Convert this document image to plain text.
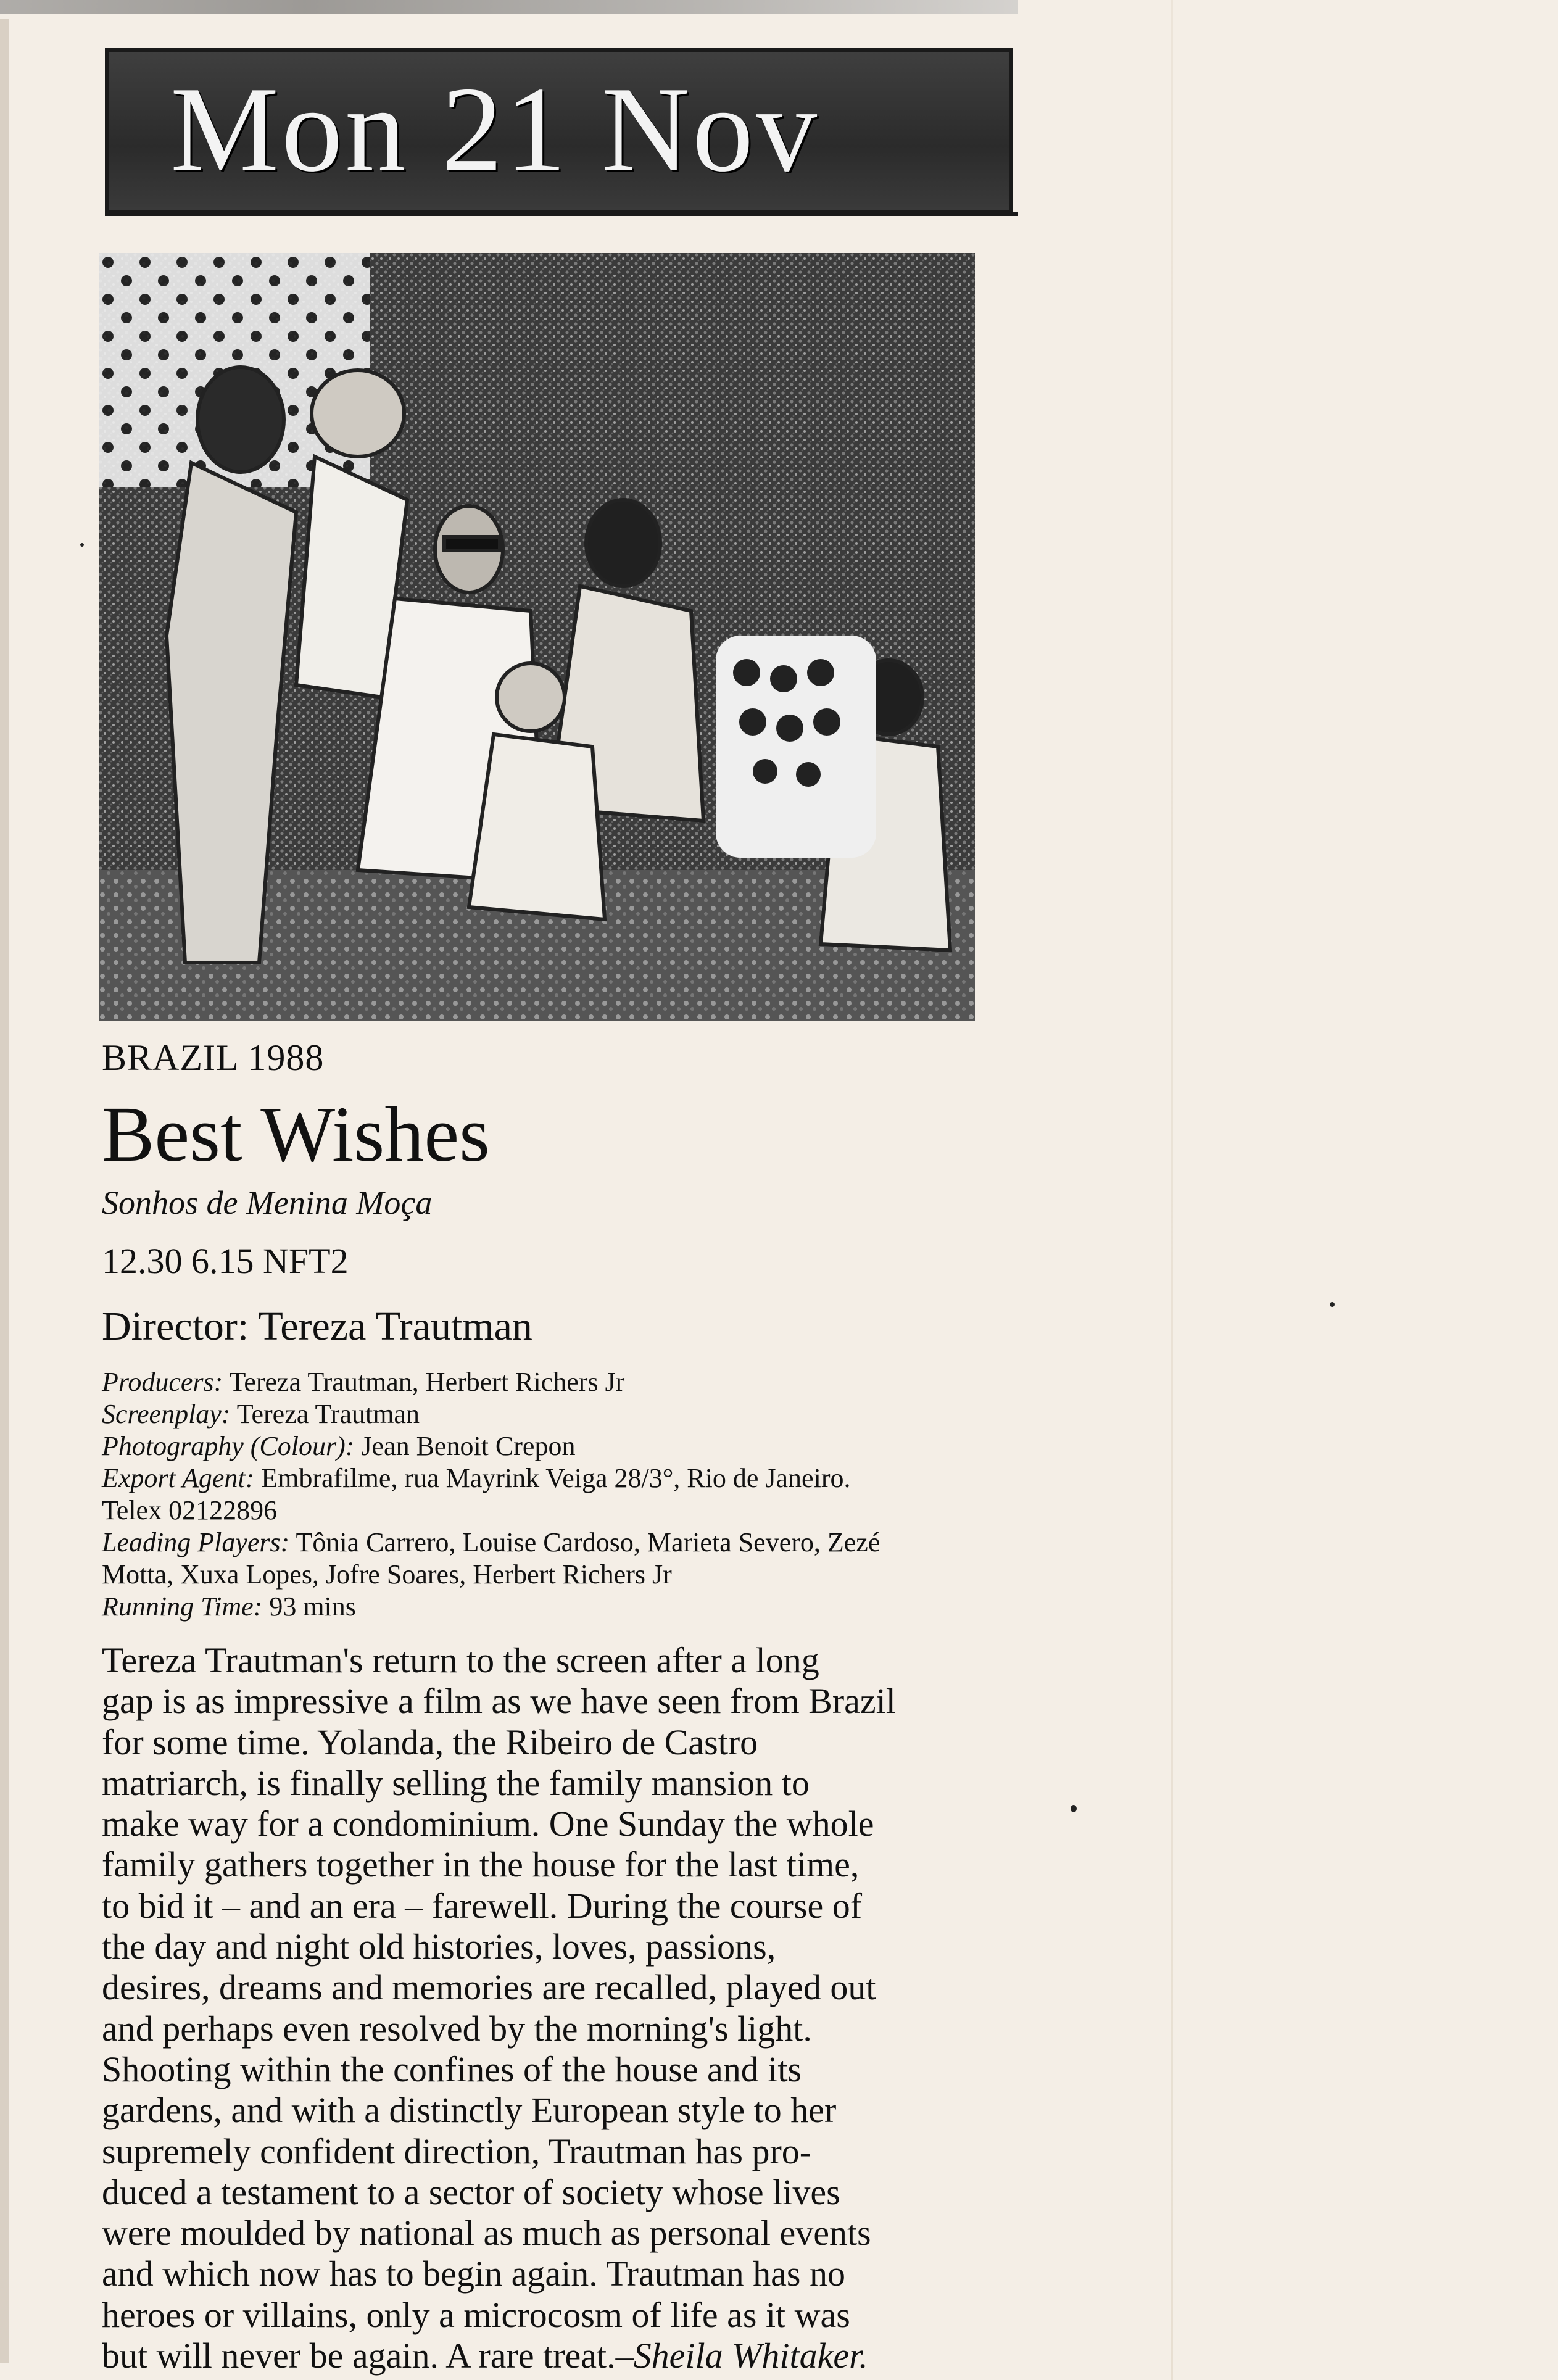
Mon 21 Nov
BRAZIL 1988
Best Wishes
Sonhos de Menina Moça
12.30 6.15 NFT2
Director: Tereza Trautman
Producers: Tereza Trautman, Herbert Richers Jr
Screenplay: Tereza Trautman
Photography (Colour): Jean Benoit Crepon
Export Agent: Embrafilme, rua Mayrink Veiga 28/3°, Rio de Janeiro.
Telex 02122896
Leading Players: Tônia Carrero, Louise Cardoso, Marieta Severo, Zezé
Motta, Xuxa Lopes, Jofre Soares, Herbert Richers Jr
Running Time: 93 mins
Tereza Trautman's return to the screen after a long
gap is as impressive a film as we have seen from Brazil
for some time. Yolanda, the Ribeiro de Castro
matriarch, is finally selling the family mansion to
make way for a condominium. One Sunday the whole
family gathers together in the house for the last time,
to bid it – and an era – farewell. During the course of
the day and night old histories, loves, passions,
desires, dreams and memories are recalled, played out
and perhaps even resolved by the morning's light.
Shooting within the confines of the house and its
gardens, and with a distinctly European style to her
supremely confident direction, Trautman has pro-
duced a testament to a sector of society whose lives
were moulded by national as much as personal events
and which now has to begin again. Trautman has no
heroes or villains, only a microcosm of life as it was
but will never be again. A rare treat.–Sheila Whitaker.
